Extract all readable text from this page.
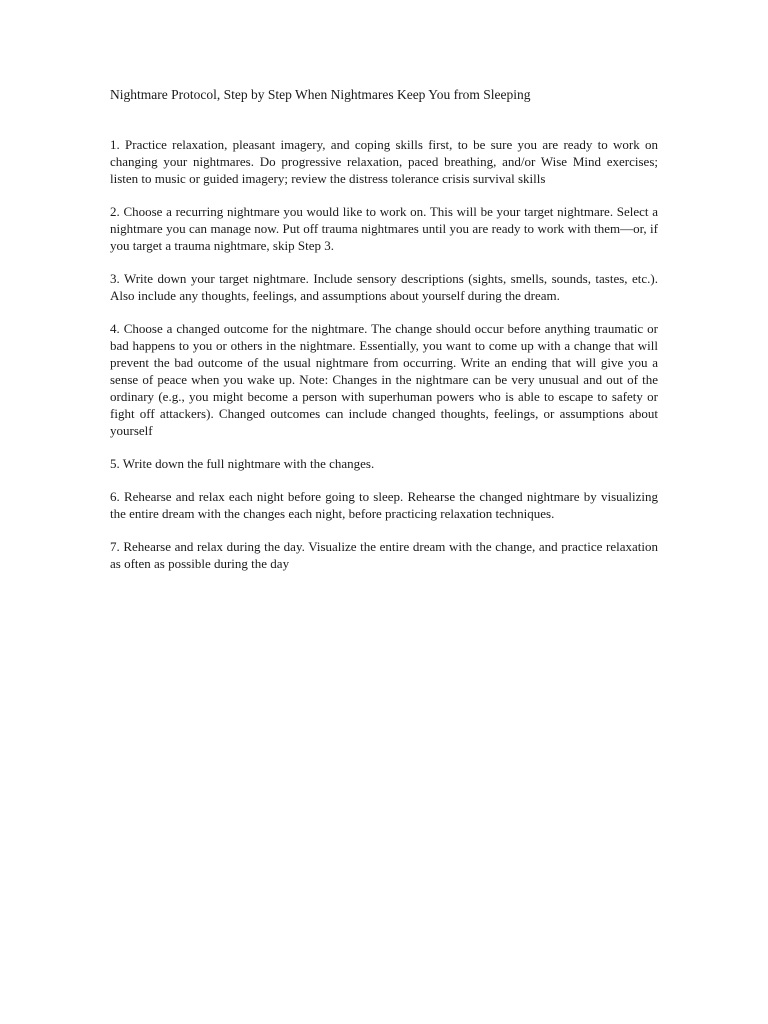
Nightmare Protocol, Step by Step When Nightmares Keep You from Sleeping

1. Practice relaxation, pleasant imagery, and coping skills first, to be sure you are ready to work on changing your nightmares. Do progressive relaxation, paced breathing, and/or Wise Mind exercises; listen to music or guided imagery; review the distress tolerance crisis survival skills

2. Choose a recurring nightmare you would like to work on. This will be your target nightmare. Select a nightmare you can manage now. Put off trauma nightmares until you are ready to work with them—or, if you target a trauma nightmare, skip Step 3.

3. Write down your target nightmare. Include sensory descriptions (sights, smells, sounds, tastes, etc.). Also include any thoughts, feelings, and assumptions about yourself during the dream.

4. Choose a changed outcome for the nightmare. The change should occur before anything traumatic or bad happens to you or others in the nightmare. Essentially, you want to come up with a change that will prevent the bad outcome of the usual nightmare from occurring. Write an ending that will give you a sense of peace when you wake up. Note: Changes in the nightmare can be very unusual and out of the ordinary (e.g., you might become a person with superhuman powers who is able to escape to safety or fight off attackers). Changed outcomes can include changed thoughts, feelings, or assumptions about yourself

5. Write down the full nightmare with the changes.

6. Rehearse and relax each night before going to sleep. Rehearse the changed nightmare by visualizing the entire dream with the changes each night, before practicing relaxation techniques.

7. Rehearse and relax during the day. Visualize the entire dream with the change, and practice relaxation as often as possible during the day
